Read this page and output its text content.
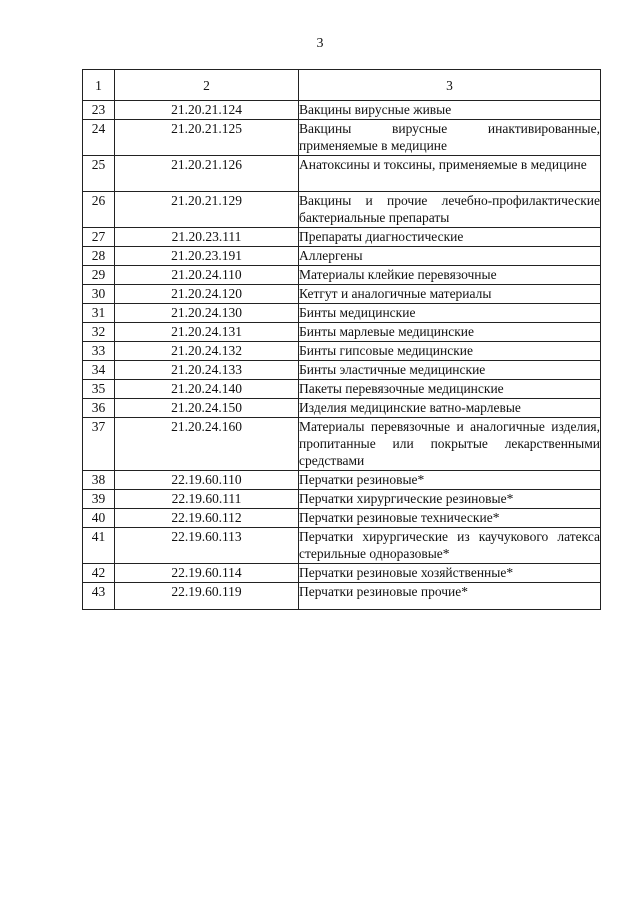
3
1	2	3
23	21.20.21.124	Вакцины вирусные живые
24	21.20.21.125	Вакцины вирусные инактивированные, применяемые в медицине
25	21.20.21.126	Анатоксины и токсины, применяемые в медицине
26	21.20.21.129	Вакцины и прочие лечебно-профилактические бактериальные препараты
27	21.20.23.111	Препараты диагностические
28	21.20.23.191	Аллергены
29	21.20.24.110	Материалы клейкие перевязочные
30	21.20.24.120	Кетгут и аналогичные материалы
31	21.20.24.130	Бинты медицинские
32	21.20.24.131	Бинты марлевые медицинские
33	21.20.24.132	Бинты гипсовые медицинские
34	21.20.24.133	Бинты эластичные медицинские
35	21.20.24.140	Пакеты перевязочные медицинские
36	21.20.24.150	Изделия медицинские ватно-марлевые
37	21.20.24.160	Материалы перевязочные и аналогичные изделия, пропитанные или покрытые лекарственными средствами
38	22.19.60.110	Перчатки резиновые*
39	22.19.60.111	Перчатки хирургические резиновые*
40	22.19.60.112	Перчатки резиновые технические*
41	22.19.60.113	Перчатки хирургические из каучукового латекса стерильные одноразовые*
42	22.19.60.114	Перчатки резиновые хозяйственные*
43	22.19.60.119	Перчатки резиновые прочие*
